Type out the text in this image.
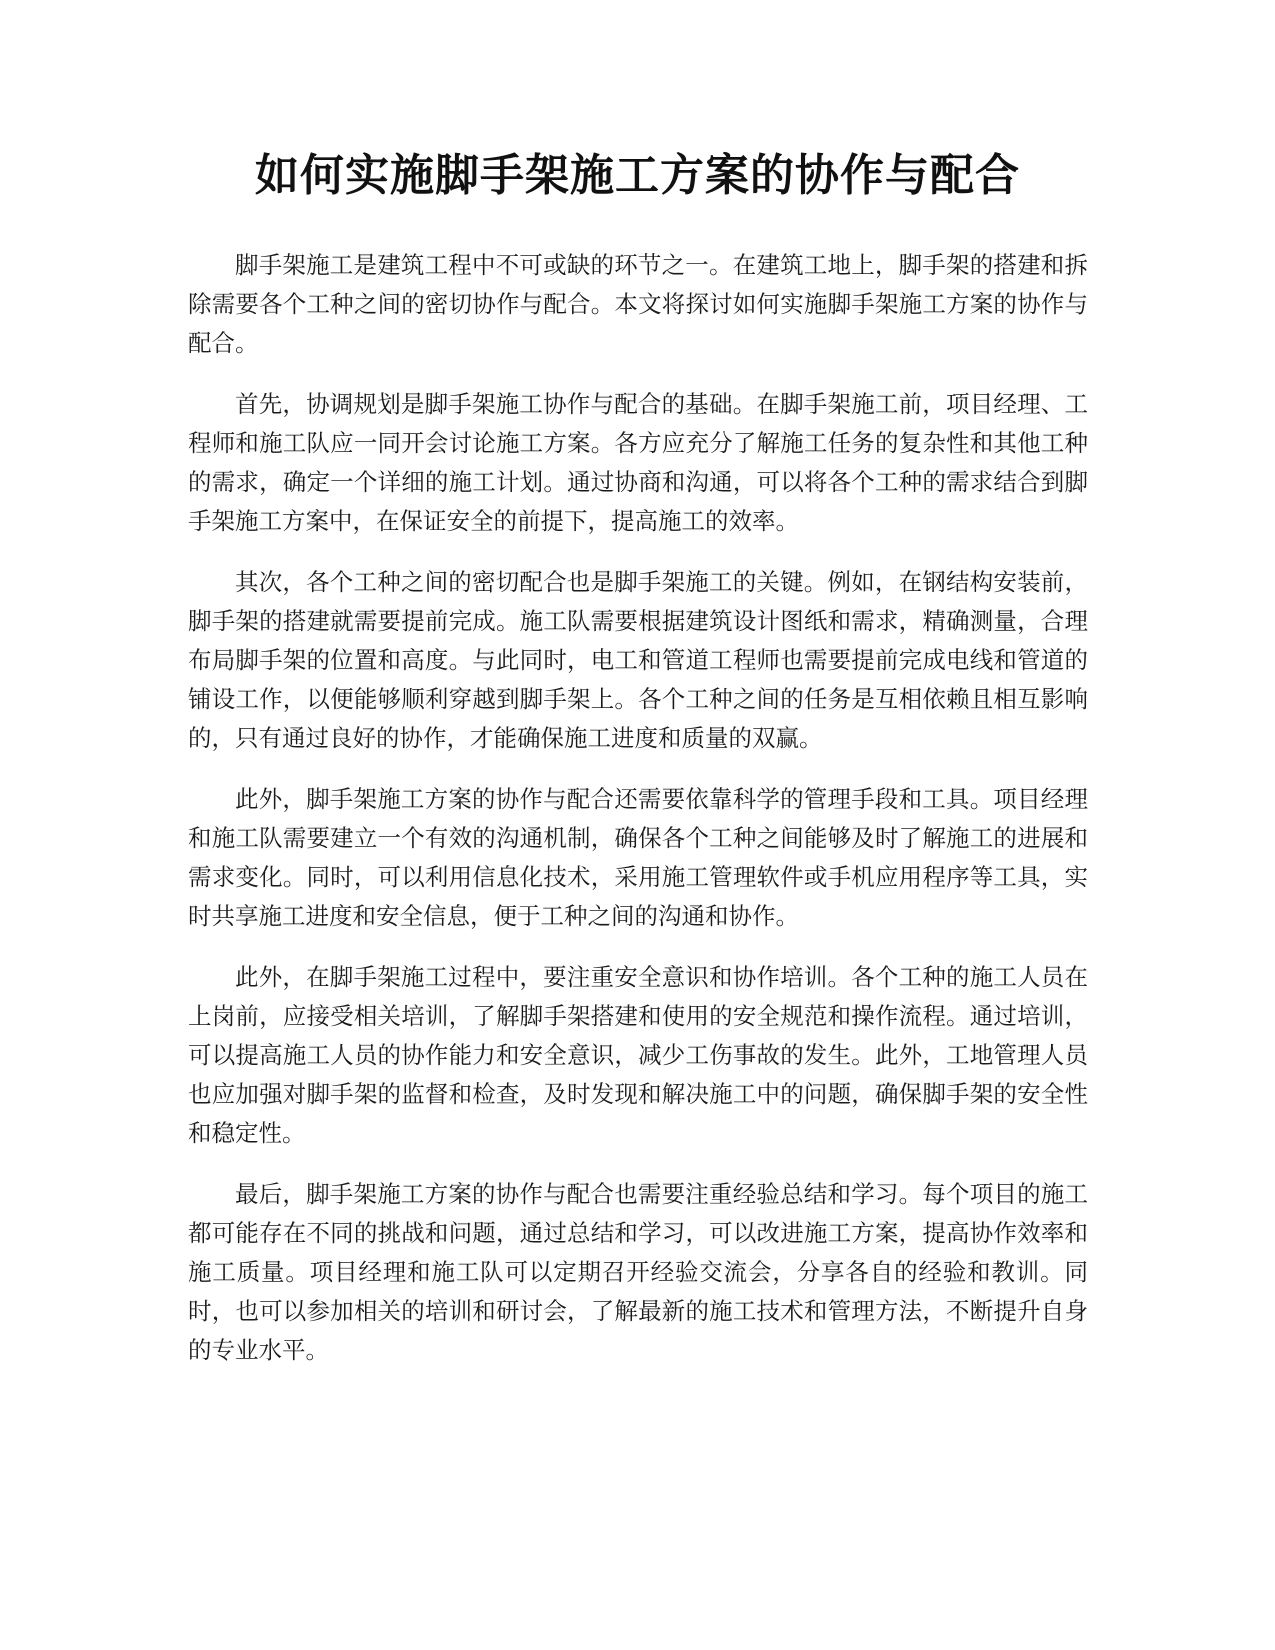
如何实施脚手架施工方案的协作与配合

脚手架施工是建筑工程中不可或缺的环节之一。在建筑工地上，脚手架的搭建和拆除需要各个工种之间的密切协作与配合。本文将探讨如何实施脚手架施工方案的协作与配合。

首先，协调规划是脚手架施工协作与配合的基础。在脚手架施工前，项目经理、工程师和施工队应一同开会讨论施工方案。各方应充分了解施工任务的复杂性和其他工种的需求，确定一个详细的施工计划。通过协商和沟通，可以将各个工种的需求结合到脚手架施工方案中，在保证安全的前提下，提高施工的效率。

其次，各个工种之间的密切配合也是脚手架施工的关键。例如，在钢结构安装前，脚手架的搭建就需要提前完成。施工队需要根据建筑设计图纸和需求，精确测量，合理布局脚手架的位置和高度。与此同时，电工和管道工程师也需要提前完成电线和管道的铺设工作，以便能够顺利穿越到脚手架上。各个工种之间的任务是互相依赖且相互影响的，只有通过良好的协作，才能确保施工进度和质量的双赢。

此外，脚手架施工方案的协作与配合还需要依靠科学的管理手段和工具。项目经理和施工队需要建立一个有效的沟通机制，确保各个工种之间能够及时了解施工的进展和需求变化。同时，可以利用信息化技术，采用施工管理软件或手机应用程序等工具，实时共享施工进度和安全信息，便于工种之间的沟通和协作。

此外，在脚手架施工过程中，要注重安全意识和协作培训。各个工种的施工人员在上岗前，应接受相关培训，了解脚手架搭建和使用的安全规范和操作流程。通过培训，可以提高施工人员的协作能力和安全意识，减少工伤事故的发生。此外，工地管理人员也应加强对脚手架的监督和检查，及时发现和解决施工中的问题，确保脚手架的安全性和稳定性。

最后，脚手架施工方案的协作与配合也需要注重经验总结和学习。每个项目的施工都可能存在不同的挑战和问题，通过总结和学习，可以改进施工方案，提高协作效率和施工质量。项目经理和施工队可以定期召开经验交流会，分享各自的经验和教训。同时，也可以参加相关的培训和研讨会，了解最新的施工技术和管理方法，不断提升自身的专业水平。
